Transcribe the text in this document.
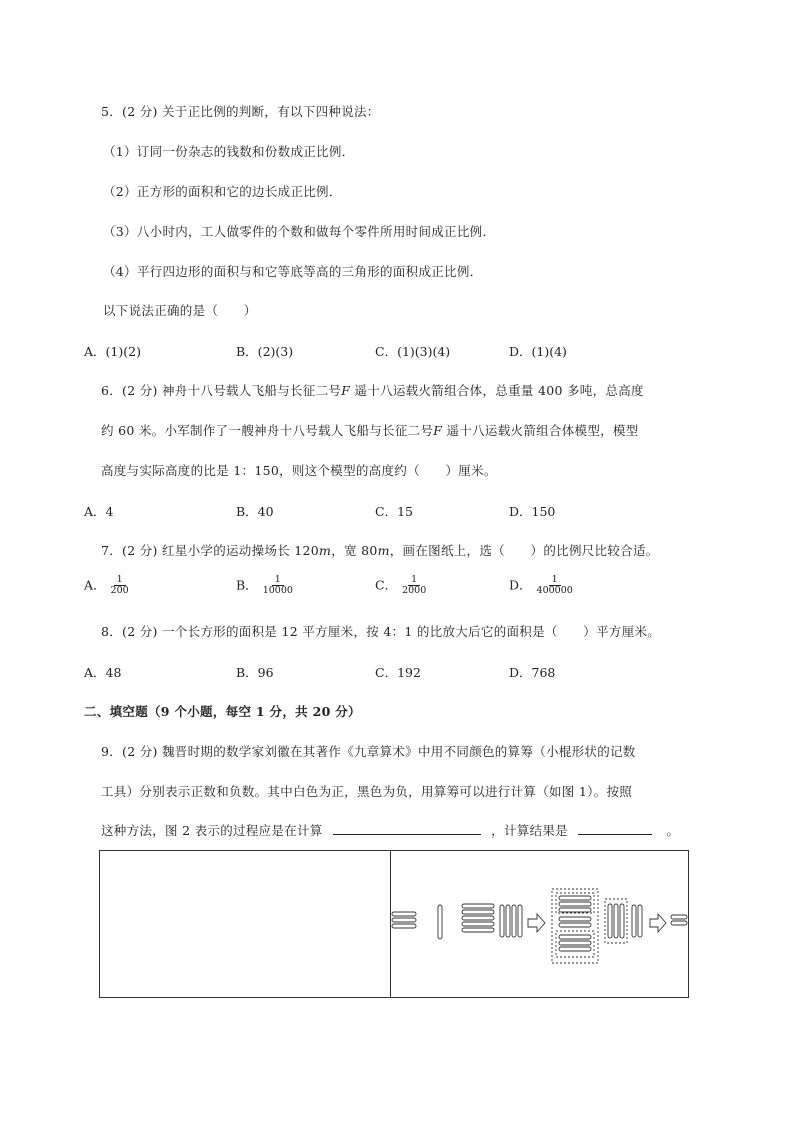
5．(2 分) 关于正比例的判断，有以下四种说法：
（1）订同一份杂志的钱数和份数成正比例．
（2）正方形的面积和它的边长成正比例．
（3）八小时内，工人做零件的个数和做每个零件所用时间成正比例．
（4）平行四边形的面积与和它等底等高的三角形的面积成正比例．
以下说法正确的是（　　）
A．(1)(2)	B．(2)(3)	C．(1)(3)(4)	D．(1)(4)
6．(2 分) 神舟十八号载人飞船与长征二号F 遥十八运载火箭组合体，总重量 400 多吨，总高度
约 60 米。小军制作了一艘神舟十八号载人飞船与长征二号F 遥十八运载火箭组合体模型，模型
高度与实际高度的比是 1：150，则这个模型的高度约（　　）厘米。
A．4	B．40	C．15	D．150
7．(2 分) 红星小学的运动操场长 120m，宽 80m，画在图纸上，选（　　）的比例尺比较合适。
A． $\frac{1}{200}$	B． $\frac{1}{10000}$	C． $\frac{1}{2000}$	D． $\frac{1}{400000}$
8．(2 分) 一个长方形的面积是 12 平方厘米，按 4：1 的比放大后它的面积是（　　）平方厘米。
A．48	B．96	C．192	D．768
二、填空题（9 个小题，每空 1 分，共 20 分）
9．(2 分) 魏晋时期的数学家刘徽在其著作《九章算术》中用不同颜色的算筹（小棍形状的记数
工具）分别表示正数和负数。其中白色为正，黑色为负，用算筹可以进行计算（如图 1）。按照
这种方法，图 2 表示的过程应是在计算	，计算结果是	。
